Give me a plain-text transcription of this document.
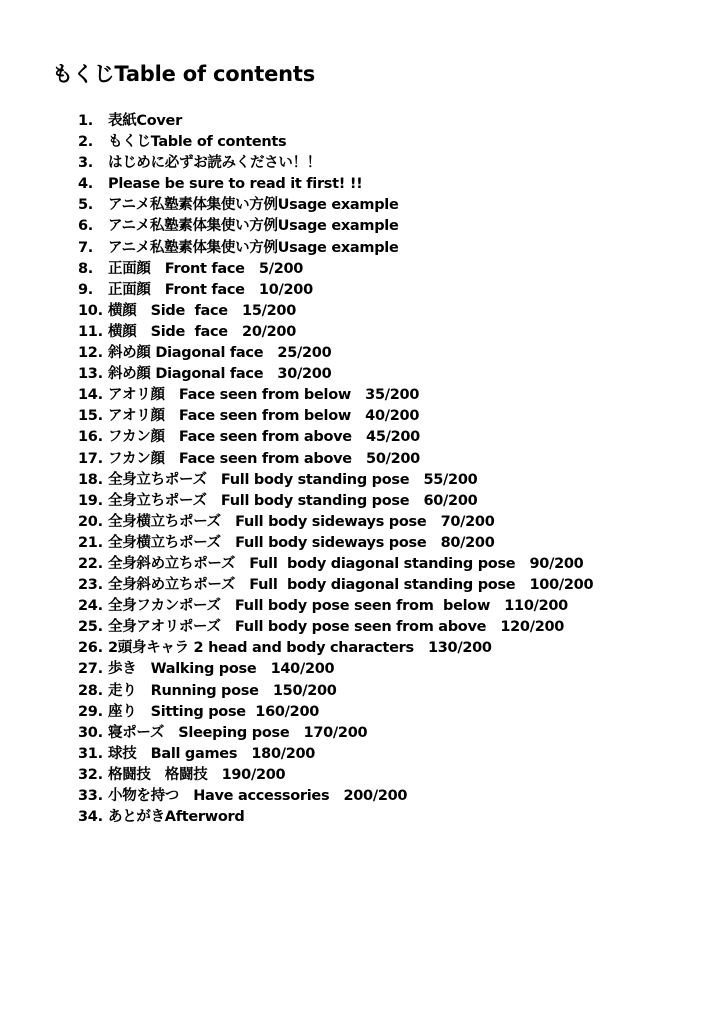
もくじTable of contents
1. 表紙Cover
2. もくじTable of contents
3. はじめに必ずお読みください！！
4. Please be sure to read it first! !!
5. アニメ私塾素体集使い方例Usage example
6. アニメ私塾素体集使い方例Usage example
7. アニメ私塾素体集使い方例Usage example
8. 正面顔　Front face　5/200
9. 正面顔　Front face　10/200
10. 横顔　Side  face　15/200
11. 横顔　Side  face　20/200
12. 斜め顔 Diagonal face　25/200
13. 斜め顔 Diagonal face　30/200
14. アオリ顔　Face seen from below　35/200
15. アオリ顔　Face seen from below　40/200
16. フカン顔　Face seen from above　45/200
17. フカン顔　Face seen from above　50/200
18. 全身立ちポーズ　Full body standing pose　55/200
19. 全身立ちポーズ　Full body standing pose　60/200
20. 全身横立ちポーズ　Full body sideways pose　70/200
21. 全身横立ちポーズ　Full body sideways pose　80/200
22. 全身斜め立ちポーズ　Full  body diagonal standing pose　90/200
23. 全身斜め立ちポーズ　Full  body diagonal standing pose　100/200
24. 全身フカンポーズ　Full body pose seen from  below　110/200
25. 全身アオリポーズ　Full body pose seen from above　120/200
26. 2頭身キャラ 2 head and body characters　130/200
27. 歩き　Walking pose　140/200
28. 走り　Running pose　150/200
29. 座り　Sitting pose  160/200
30. 寝ポーズ　Sleeping pose　170/200
31. 球技　Ball games　180/200
32. 格闘技　格闘技　190/200
33. 小物を持つ　Have accessories　200/200
34. あとがきAfterword
